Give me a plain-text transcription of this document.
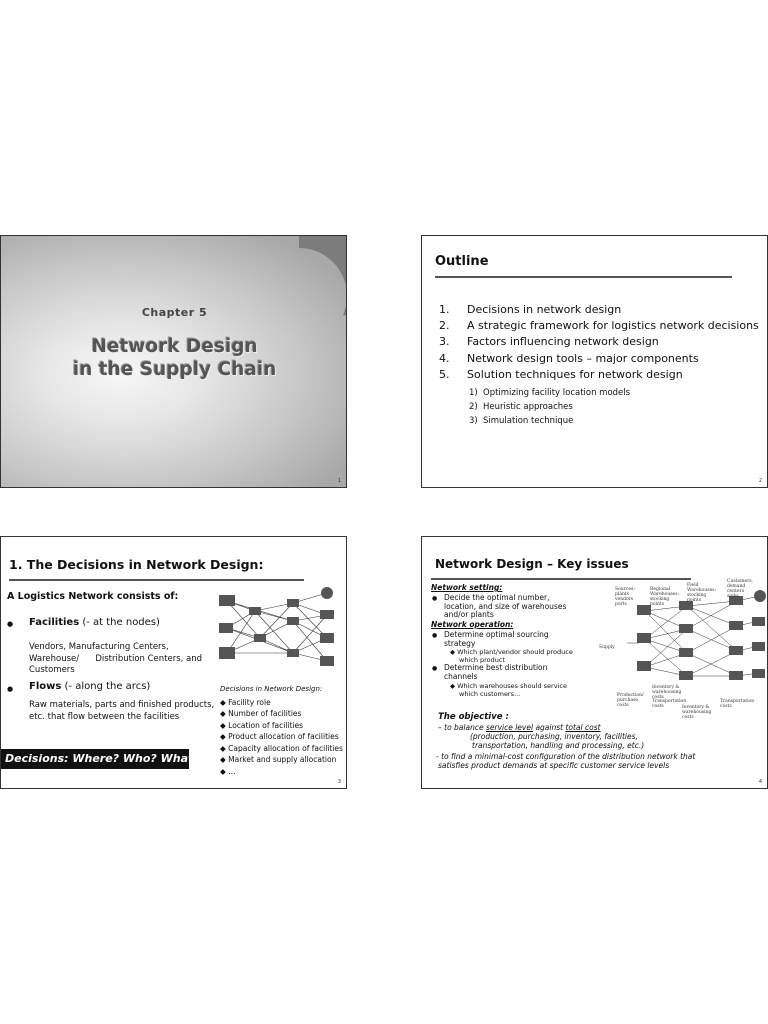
Chapter 5
Network Design
in the Supply Chain
1
Outline
1. Decisions in network design
2. A strategic framework for logistics network decisions
3. Factors influencing network design
4. Network design tools – major components
5. Solution techniques for network design
1) Optimizing facility location models
2) Heuristic approaches
3) Simulation technique
2
1. The Decisions in Network Design:
A Logistics Network consists of:
● Facilities (- at the nodes)
Vendors, Manufacturing Centers,
Warehouse/      Distribution Centers, and
Customers
● Flows (- along the arcs)
Raw materials, parts and finished products,
etc. that flow between the facilities
Decisions: Where? Who? What?
Decisions in Network Design:
◆ Facility role
◆ Number of facilities
◆ Location of facilities
◆ Product allocation of facilities
◆ Capacity allocation of facilities
◆ Market and supply allocation
◆ …
3
Network Design – Key issues
Network setting:
● Decide the optimal number,
location, and size of warehouses
and/or plants
Network operation:
● Determine optimal sourcing
strategy
◆ Which plant/vendor should produce
which product
● Determine best distribution
channels
◆ Which warehouses should service
which customers…
Sources:
plants
vendors
ports
Regional
Warehouses:
stocking
points
Field
Warehouses:
stocking
points
Customers,
demand
centers
sinks
Supply
Production/
purchase
costs
Inventory &
warehousing
costs
Transportation
costs	Inventory &
warehousing
costs
Transportation
costs
The objective :
– to balance service level against total cost
(production, purchasing, inventory, facilities,
transportation, handling and processing, etc.)
- to find a minimal-cost configuration of the distribution network that
satisfies product demands at specific customer service levels
4
